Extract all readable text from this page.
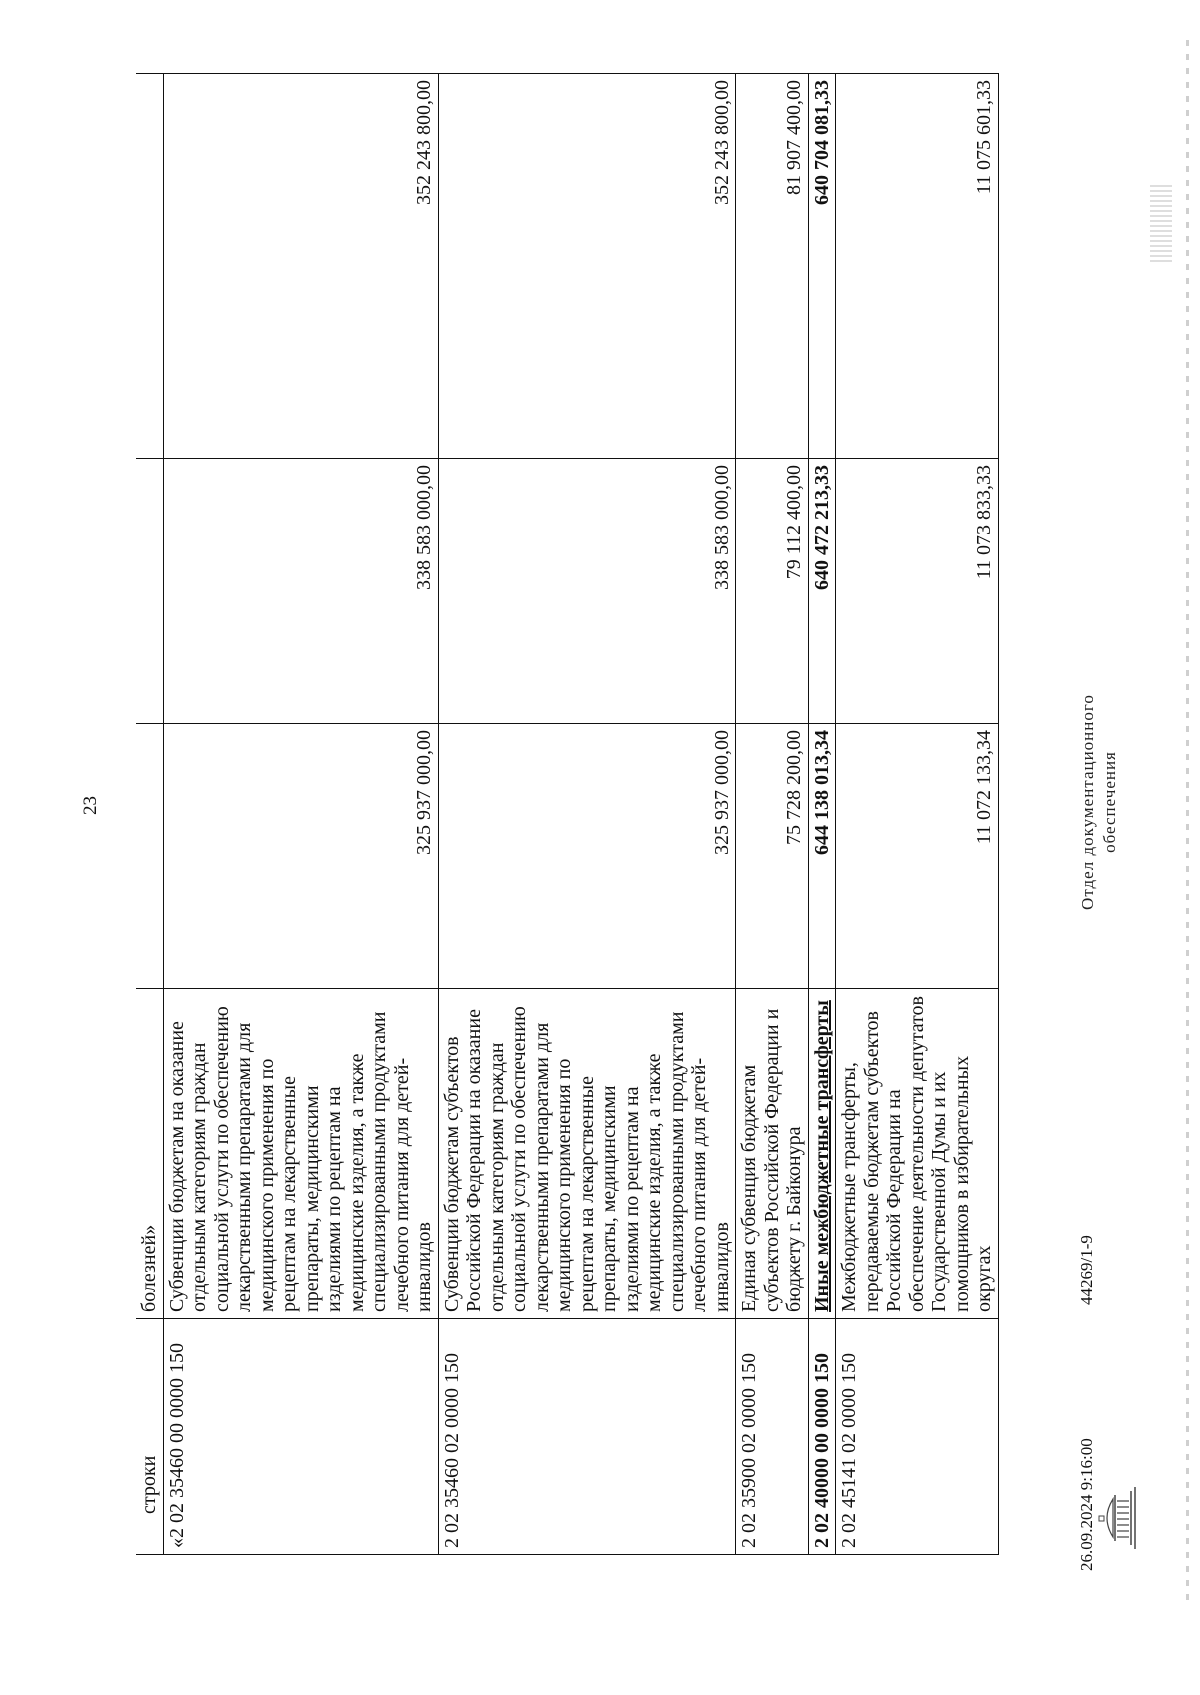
23
строки	болезней»			
«2 02 35460 00 0000 150	Субвенции бюджетам на оказание отдельным категориям граждан социальной услуги по обеспечению лекарственными препаратами для медицинского применения по рецептам на лекарственные препараты, медицинскими изделиями по рецептам на медицинские изделия, а также специализированными продуктами лечебного питания для детей-инвалидов	325 937 000,00	338 583 000,00	352 243 800,00
2 02 35460 02 0000 150	Субвенции бюджетам субъектов Российской Федерации на оказание отдельным категориям граждан социальной услуги по обеспечению лекарственными препаратами для медицинского применения по рецептам на лекарственные препараты, медицинскими изделиями по рецептам на медицинские изделия, а также специализированными продуктами лечебного питания для детей-инвалидов	325 937 000,00	338 583 000,00	352 243 800,00
2 02 35900 02 0000 150	Единая субвенция бюджетам субъектов Российской Федерации и бюджету г. Байконура	75 728 200,00	79 112 400,00	81 907 400,00
2 02 40000 00 0000 150	Иные межбюджетные трансферты	644 138 013,34	640 472 213,33	640 704 081,33
2 02 45141 02 0000 150	Межбюджетные трансферты, передаваемые бюджетам субъектов Российской Федерации на обеспечение деятельности депутатов Государственной Думы и их помощников в избирательных округах	11 072 133,34	11 073 833,33	11 075 601,33
26.09.2024 9:16:00
44269/1-9
Отдел документационного обеспечения
